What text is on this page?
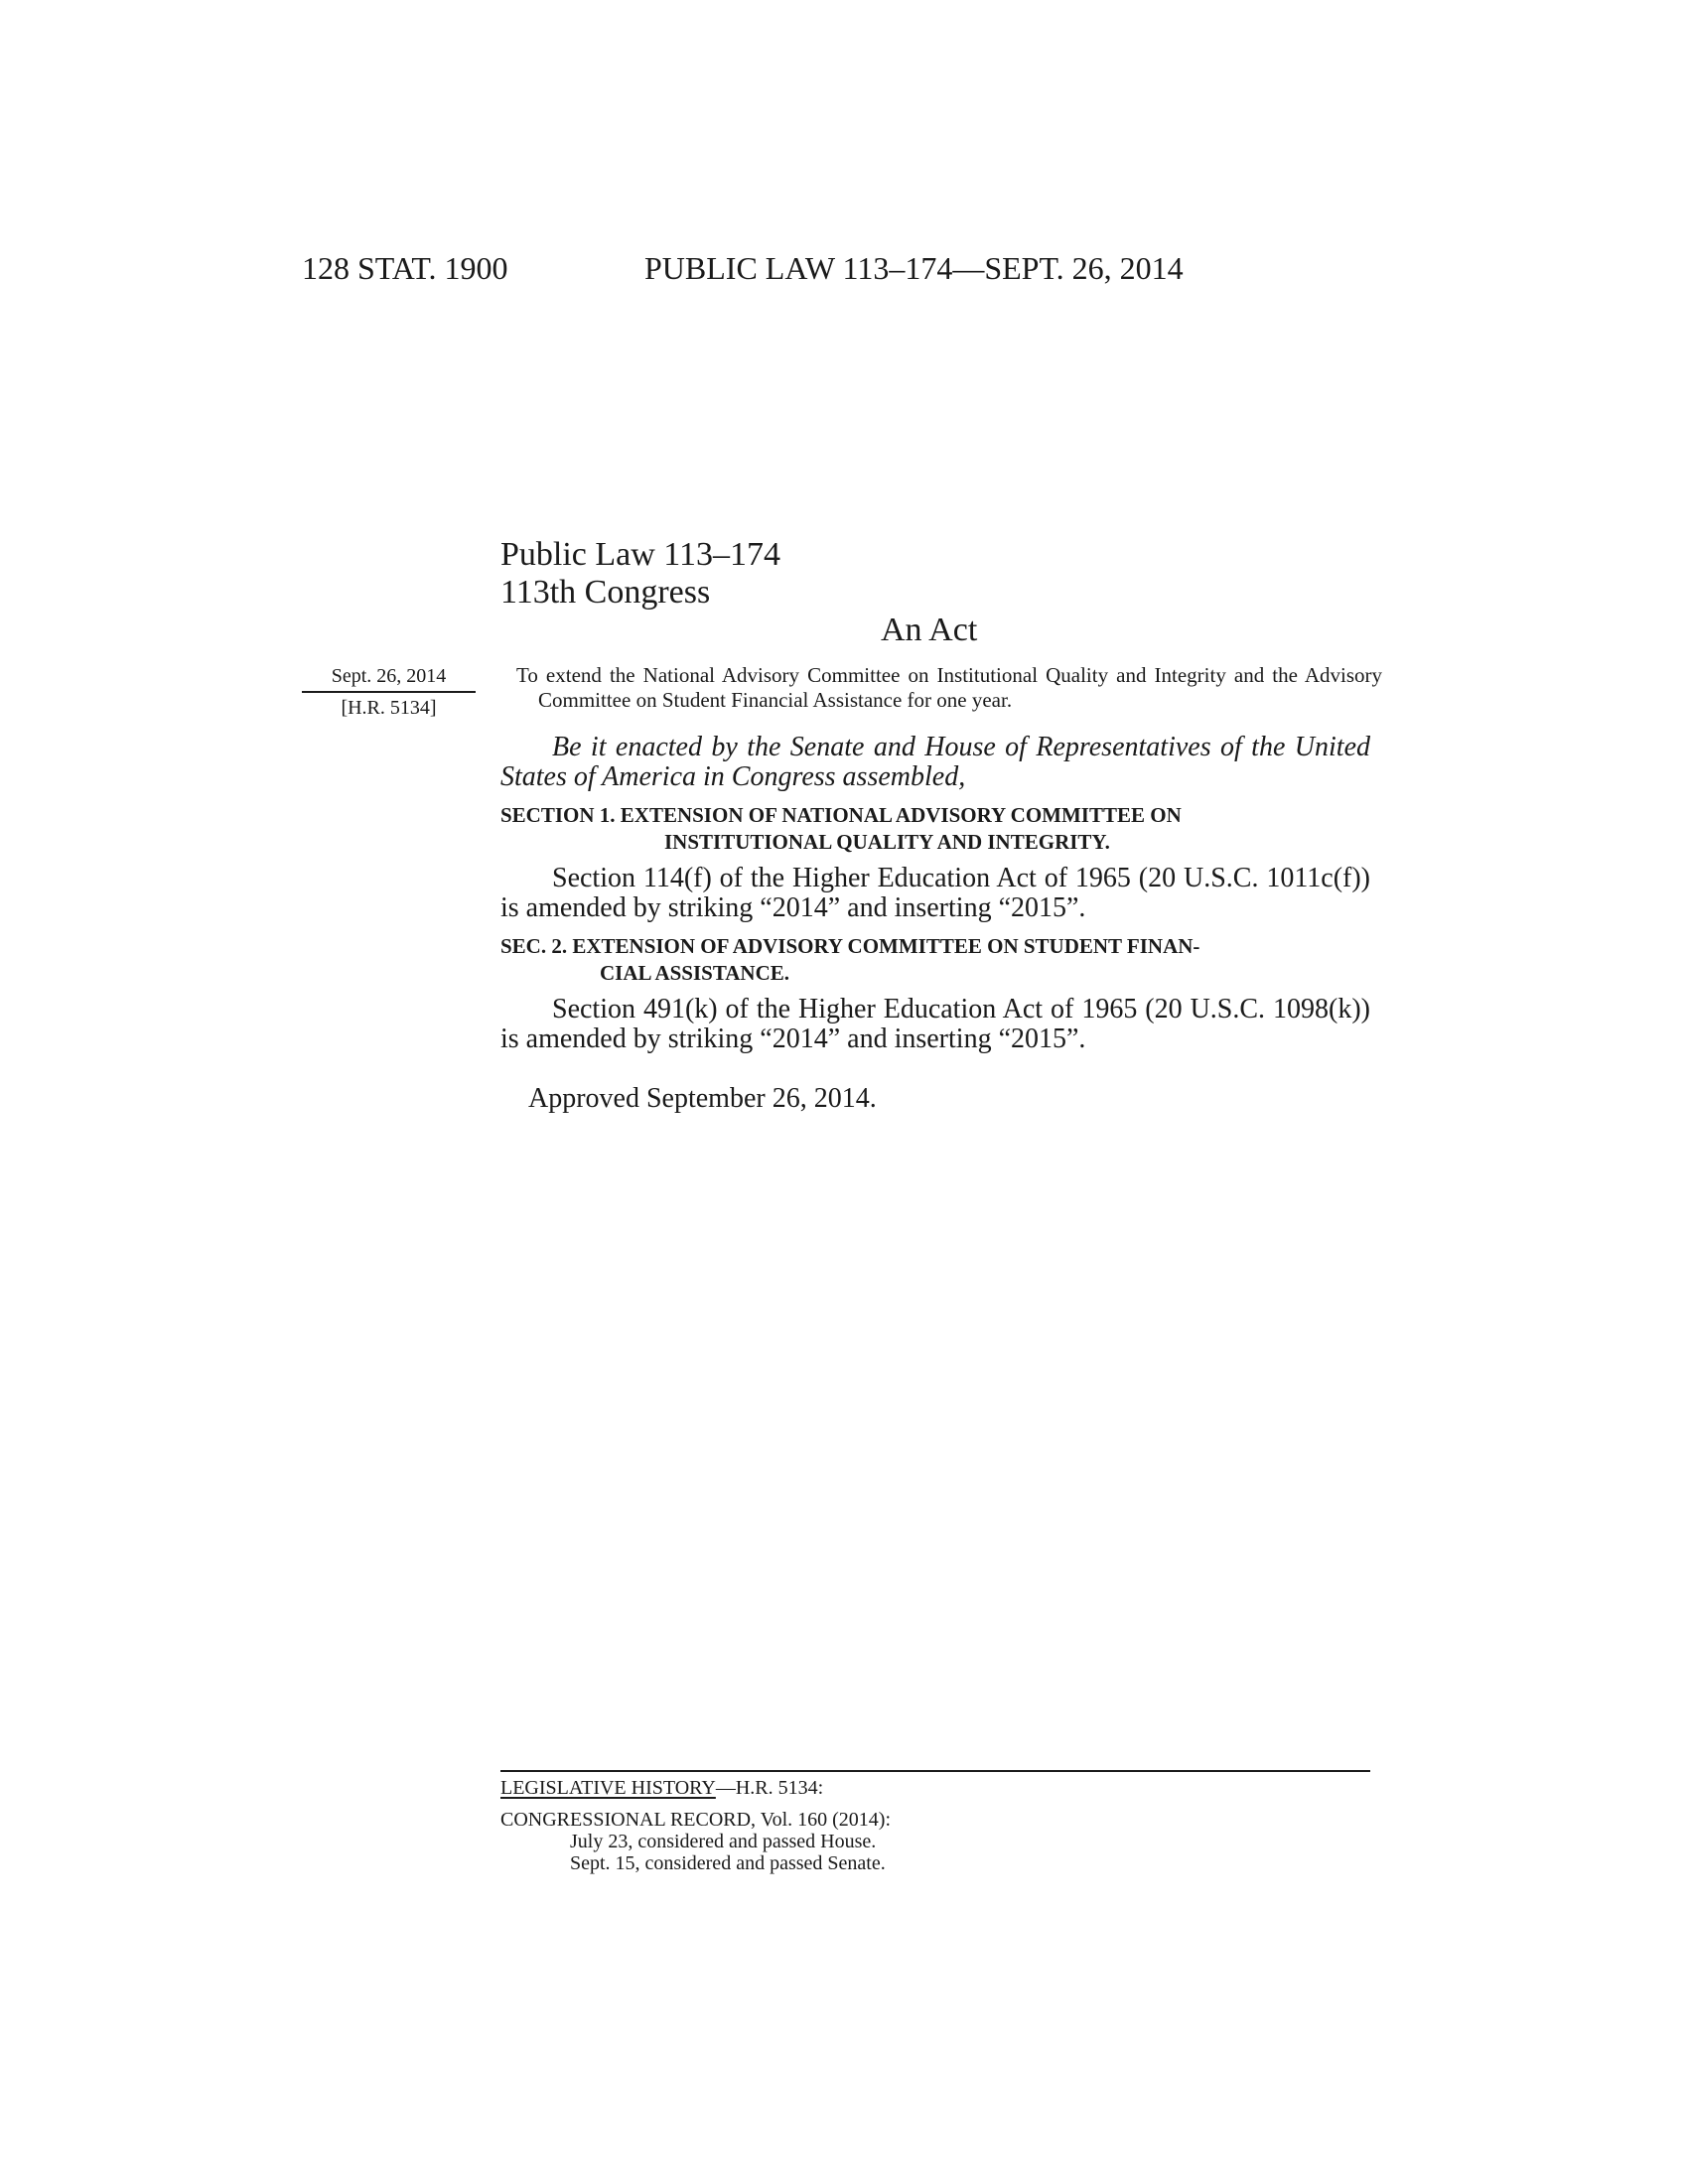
128 STAT. 1900	PUBLIC LAW 113–174—SEPT. 26, 2014
Public Law 113–174
113th Congress
An Act
Sept. 26, 2014
[H.R. 5134]
To extend the National Advisory Committee on Institutional Quality and Integrity and the Advisory Committee on Student Financial Assistance for one year.
Be it enacted by the Senate and House of Representatives of the United States of America in Congress assembled,
SECTION 1. EXTENSION OF NATIONAL ADVISORY COMMITTEE ON
INSTITUTIONAL QUALITY AND INTEGRITY.
Section 114(f) of the Higher Education Act of 1965 (20 U.S.C. 1011c(f)) is amended by striking “2014” and inserting “2015”.
SEC. 2. EXTENSION OF ADVISORY COMMITTEE ON STUDENT FINAN-
CIAL ASSISTANCE.
Section 491(k) of the Higher Education Act of 1965 (20 U.S.C. 1098(k)) is amended by striking “2014” and inserting “2015”.
Approved September 26, 2014.
LEGISLATIVE HISTORY—H.R. 5134:
CONGRESSIONAL RECORD, Vol. 160 (2014):
July 23, considered and passed House.
Sept. 15, considered and passed Senate.
